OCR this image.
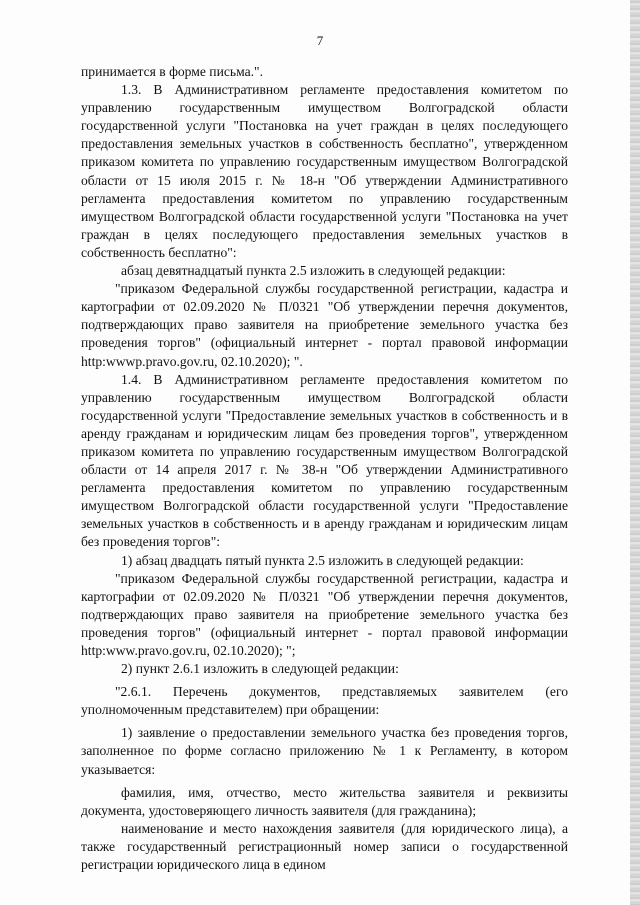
7

принимается в форме письма.".

1.3. В Административном регламенте предоставления комитетом по управлению государственным имуществом Волгоградской области государственной услуги "Постановка на учет граждан в целях последующего предоставления земельных участков в собственность бесплатно", утвержденном приказом комитета по управлению государственным имуществом Волгоградской области от 15 июля 2015 г. № 18-н "Об утверждении Административного регламента предоставления комитетом по управлению государственным имуществом Волгоградской области государственной услуги "Постановка на учет граждан в целях последующего предоставления земельных участков в собственность бесплатно":

абзац девятнадцатый пункта 2.5 изложить в следующей редакции:

"приказом Федеральной службы государственной регистрации, кадастра и картографии от 02.09.2020 № П/0321 "Об утверждении перечня документов, подтверждающих право заявителя на приобретение земельного участка без проведения торгов" (официальный интернет - портал правовой информации http:wwwp.pravo.gov.ru, 02.10.2020); ".

1.4. В Административном регламенте предоставления комитетом по управлению государственным имуществом Волгоградской области государственной услуги "Предоставление земельных участков в собственность и в аренду гражданам и юридическим лицам без проведения торгов", утвержденном приказом комитета по управлению государственным имуществом Волгоградской области от 14 апреля 2017 г. № 38-н "Об утверждении Административного регламента предоставления комитетом по управлению государственным имуществом Волгоградской области государственной услуги "Предоставление земельных участков в собственность и в аренду гражданам и юридическим лицам без проведения торгов":

1) абзац двадцать пятый пункта 2.5 изложить в следующей редакции:

"приказом Федеральной службы государственной регистрации, кадастра и картографии от 02.09.2020 № П/0321 "Об утверждении перечня документов, подтверждающих право заявителя на приобретение земельного участка без проведения торгов" (официальный интернет - портал правовой информации http:www.pravo.gov.ru, 02.10.2020); ";

2) пункт 2.6.1 изложить в следующей редакции:

"2.6.1. Перечень документов, представляемых заявителем (его уполномоченным представителем) при обращении:

1) заявление о предоставлении земельного участка без проведения торгов, заполненное по форме согласно приложению № 1 к Регламенту, в котором указывается:

фамилия, имя, отчество, место жительства заявителя и реквизиты документа, удостоверяющего личность заявителя (для гражданина);

наименование и место нахождения заявителя (для юридического лица), а также государственный регистрационный номер записи о государственной регистрации юридического лица в едином
